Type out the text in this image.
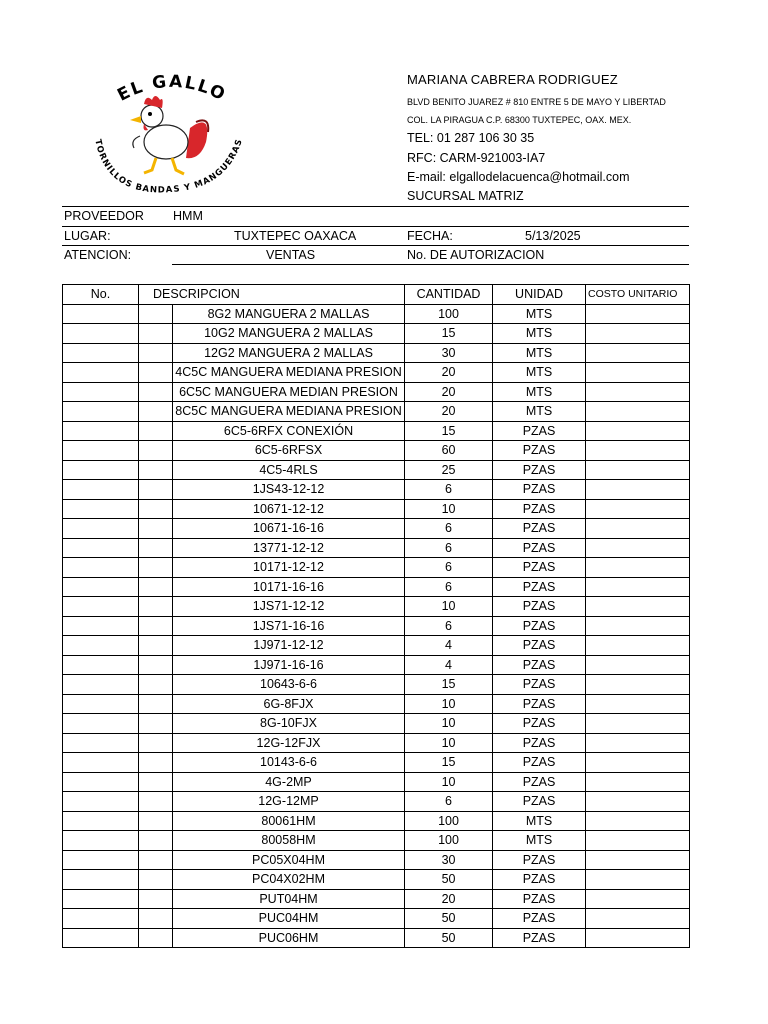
EL GALLO
TORNILLOS BANDAS Y MANGUERAS
MARIANA CABRERA RODRIGUEZ
BLVD BENITO JUAREZ # 810 ENTRE 5 DE MAYO Y LIBERTAD
COL. LA PIRAGUA C.P. 68300 TUXTEPEC, OAX. MEX.
TEL: 01 287 106 30 35
RFC: CARM-921003-IA7
E-mail: elgallodelacuenca@hotmail.com
SUCURSAL MATRIZ
PROVEEDOR HMM
LUGAR:	TUXTEPEC OAXACA	FECHA:	5/13/2025
ATENCION:	VENTAS	No. DE AUTORIZACION
No.	DESCRIPCION		CANTIDAD	UNIDAD	COSTO UNITARIO
		8G2 MANGUERA 2 MALLAS	100	MTS	
		10G2 MANGUERA 2 MALLAS	15	MTS	
		12G2 MANGUERA 2 MALLAS	30	MTS	
		4C5C MANGUERA MEDIANA PRESION	20	MTS	
		6C5C MANGUERA MEDIAN PRESION	20	MTS	
		8C5C MANGUERA MEDIANA PRESION	20	MTS	
		6C5-6RFX CONEXIÓN	15	PZAS	
		6C5-6RFSX	60	PZAS	
		4C5-4RLS	25	PZAS	
		1JS43-12-12	6	PZAS	
		10671-12-12	10	PZAS	
		10671-16-16	6	PZAS	
		13771-12-12	6	PZAS	
		10171-12-12	6	PZAS	
		10171-16-16	6	PZAS	
		1JS71-12-12	10	PZAS	
		1JS71-16-16	6	PZAS	
		1J971-12-12	4	PZAS	
		1J971-16-16	4	PZAS	
		10643-6-6	15	PZAS	
		6G-8FJX	10	PZAS	
		8G-10FJX	10	PZAS	
		12G-12FJX	10	PZAS	
		10143-6-6	15	PZAS	
		4G-2MP	10	PZAS	
		12G-12MP	6	PZAS	
		80061HM	100	MTS	
		80058HM	100	MTS	
		PC05X04HM	30	PZAS	
		PC04X02HM	50	PZAS	
		PUT04HM	20	PZAS	
		PUC04HM	50	PZAS	
		PUC06HM	50	PZAS	
